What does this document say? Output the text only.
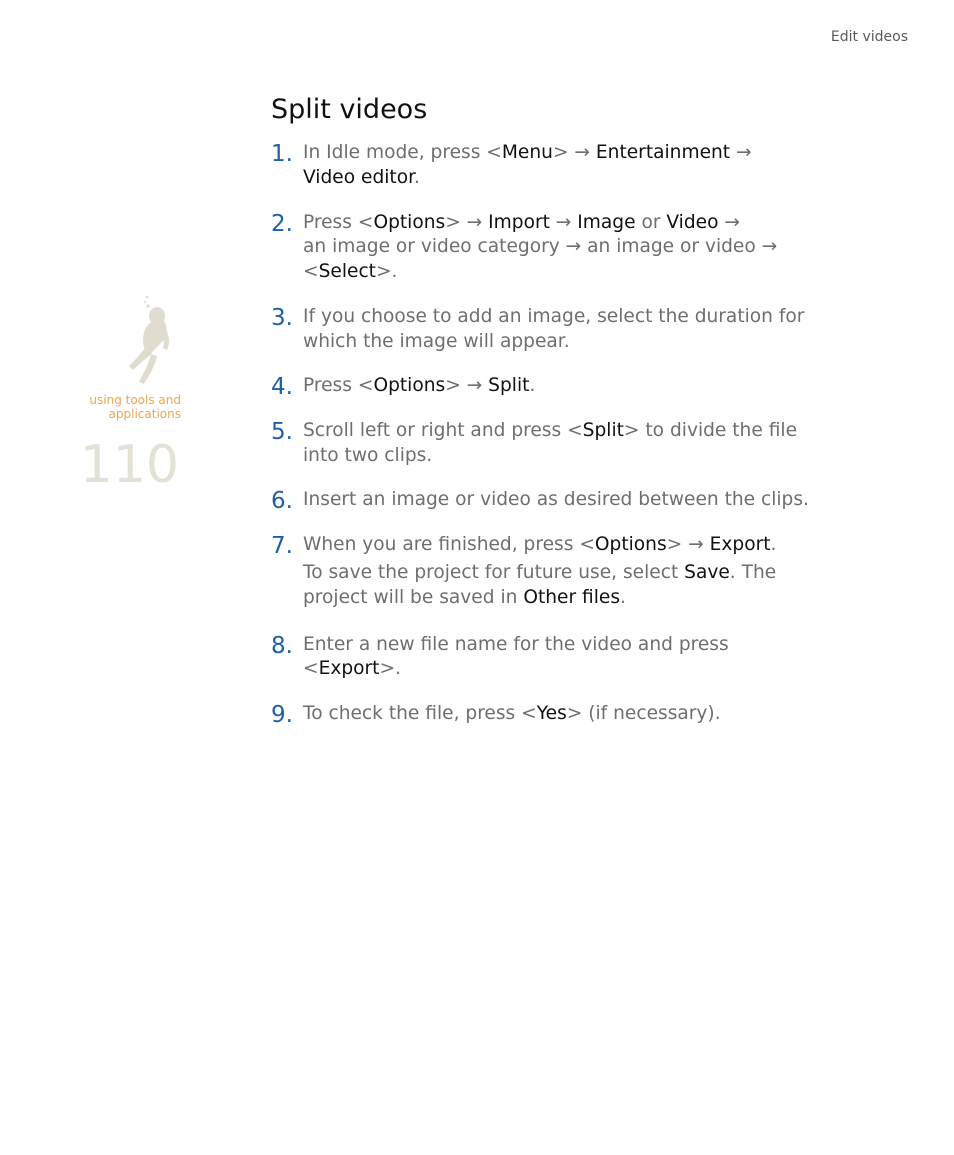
Edit videos
using tools and
applications
110
Split videos
1. In Idle mode, press <Menu> → Entertainment →
Video editor.
2. Press <Options> → Import → Image or Video →
an image or video category → an image or video →
<Select>.
3. If you choose to add an image, select the duration for
which the image will appear.
4. Press <Options> → Split.
5. Scroll left or right and press <Split> to divide the file
into two clips.
6. Insert an image or video as desired between the clips.
7. When you are finished, press <Options> → Export.
To save the project for future use, select Save. The
project will be saved in Other files.
8. Enter a new file name for the video and press
<Export>.
9. To check the file, press <Yes> (if necessary).
